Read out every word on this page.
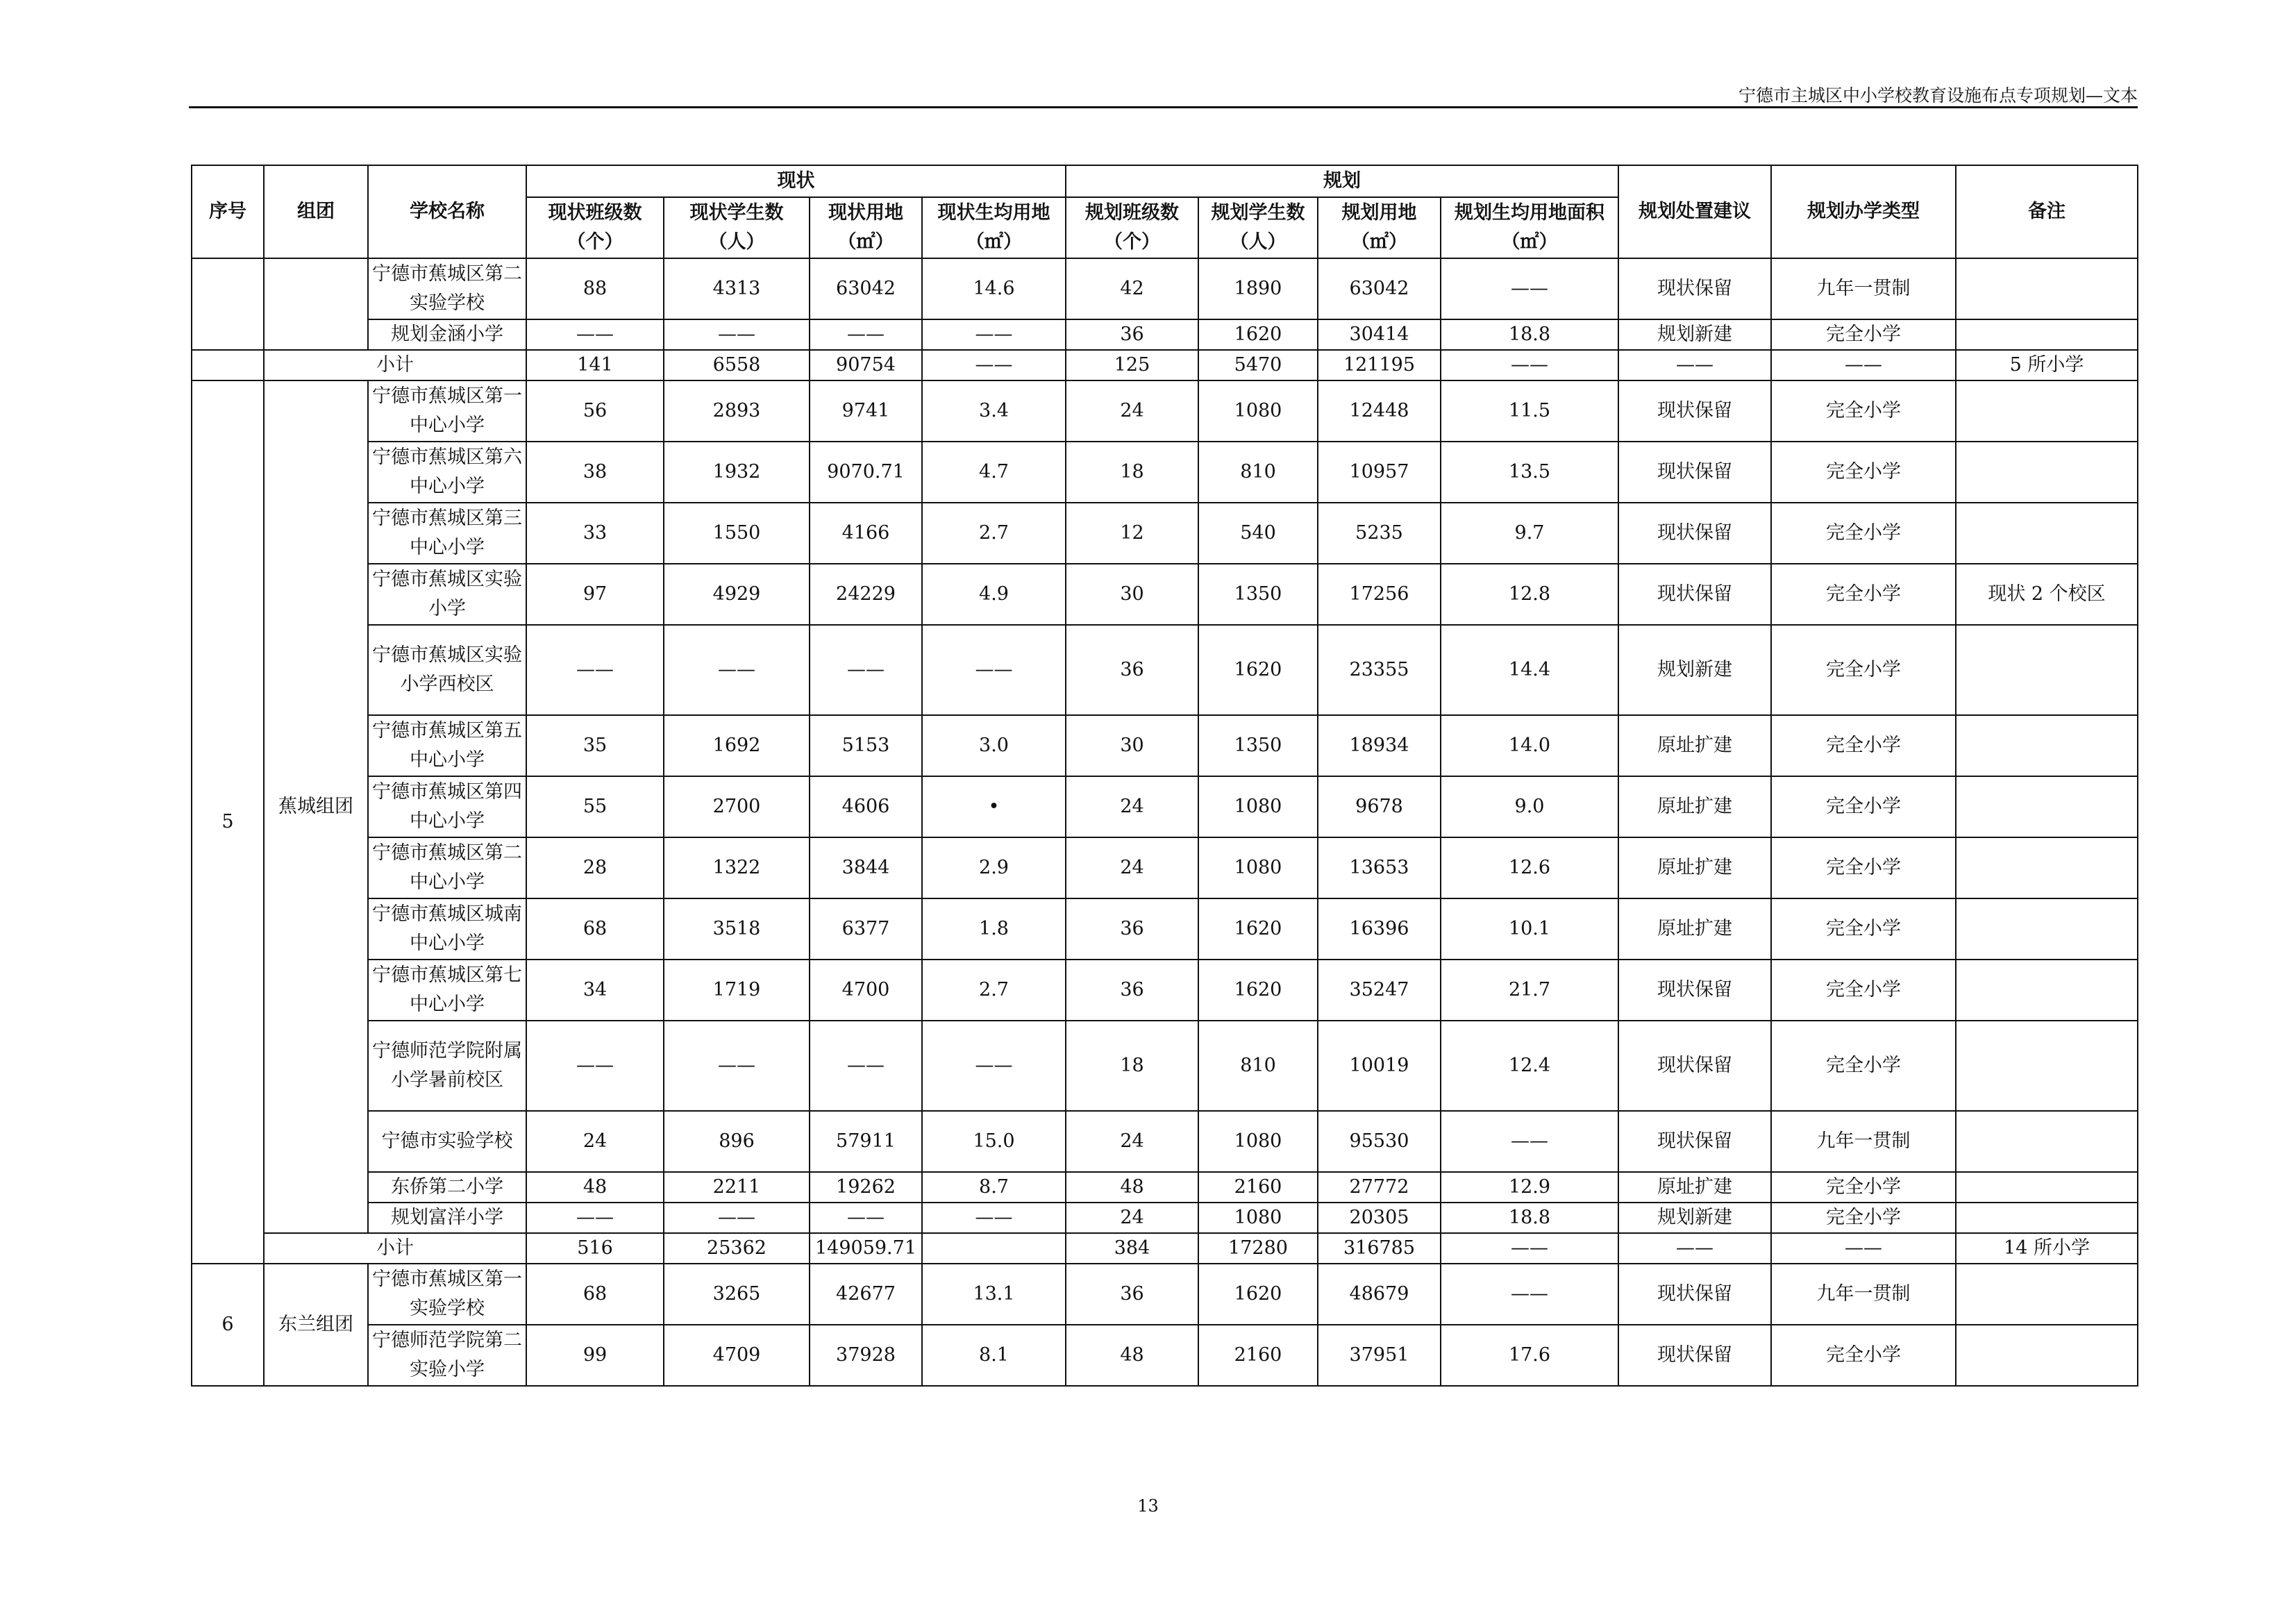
宁德市主城区中小学校教育设施布点专项规划—文本
序号	组团	学校名称	现状				规划				规划处置建议	规划办学类型	备注
			现状班级数（个）	现状学生数（人）	现状用地（㎡）	现状生均用地（㎡）	规划班级数（个）	规划学生数（人）	规划用地（㎡）	规划生均用地面积（㎡）			
		宁德市蕉城区第二实验学校	88	4313	63042	14.6	42	1890	63042	——	现状保留	九年一贯制	
		规划金涵小学	——	——	——	——	36	1620	30414	18.8	规划新建	完全小学	
	小计		141	6558	90754	——	125	5470	121195	——	——	——	5 所小学
5	蕉城组团	宁德市蕉城区第一中心小学	56	2893	9741	3.4	24	1080	12448	11.5	现状保留	完全小学	
		宁德市蕉城区第六中心小学	38	1932	9070.71	4.7	18	810	10957	13.5	现状保留	完全小学	
		宁德市蕉城区第三中心小学	33	1550	4166	2.7	12	540	5235	9.7	现状保留	完全小学	
		宁德市蕉城区实验小学	97	4929	24229	4.9	30	1350	17256	12.8	现状保留	完全小学	现状 2 个校区
		宁德市蕉城区实验小学西校区	——	——	——	——	36	1620	23355	14.4	规划新建	完全小学	
		宁德市蕉城区第五中心小学	35	1692	5153	3.0	30	1350	18934	14.0	原址扩建	完全小学	
		宁德市蕉城区第四中心小学	55	2700	4606	•	24	1080	9678	9.0	原址扩建	完全小学	
		宁德市蕉城区第二中心小学	28	1322	3844	2.9	24	1080	13653	12.6	原址扩建	完全小学	
		宁德市蕉城区城南中心小学	68	3518	6377	1.8	36	1620	16396	10.1	原址扩建	完全小学	
		宁德市蕉城区第七中心小学	34	1719	4700	2.7	36	1620	35247	21.7	现状保留	完全小学	
		宁德师范学院附属小学暑前校区	——	——	——	——	18	810	10019	12.4	现状保留	完全小学	
		宁德市实验学校	24	896	57911	15.0	24	1080	95530	——	现状保留	九年一贯制	
		东侨第二小学	48	2211	19262	8.7	48	2160	27772	12.9	原址扩建	完全小学	
		规划富洋小学	——	——	——	——	24	1080	20305	18.8	规划新建	完全小学	
	小计		516	25362	149059.71		384	17280	316785	——	——	——	14 所小学
6	东兰组团	宁德市蕉城区第一实验学校	68	3265	42677	13.1	36	1620	48679	——	现状保留	九年一贯制	
		宁德师范学院第二实验小学	99	4709	37928	8.1	48	2160	37951	17.6	现状保留	完全小学	
13
